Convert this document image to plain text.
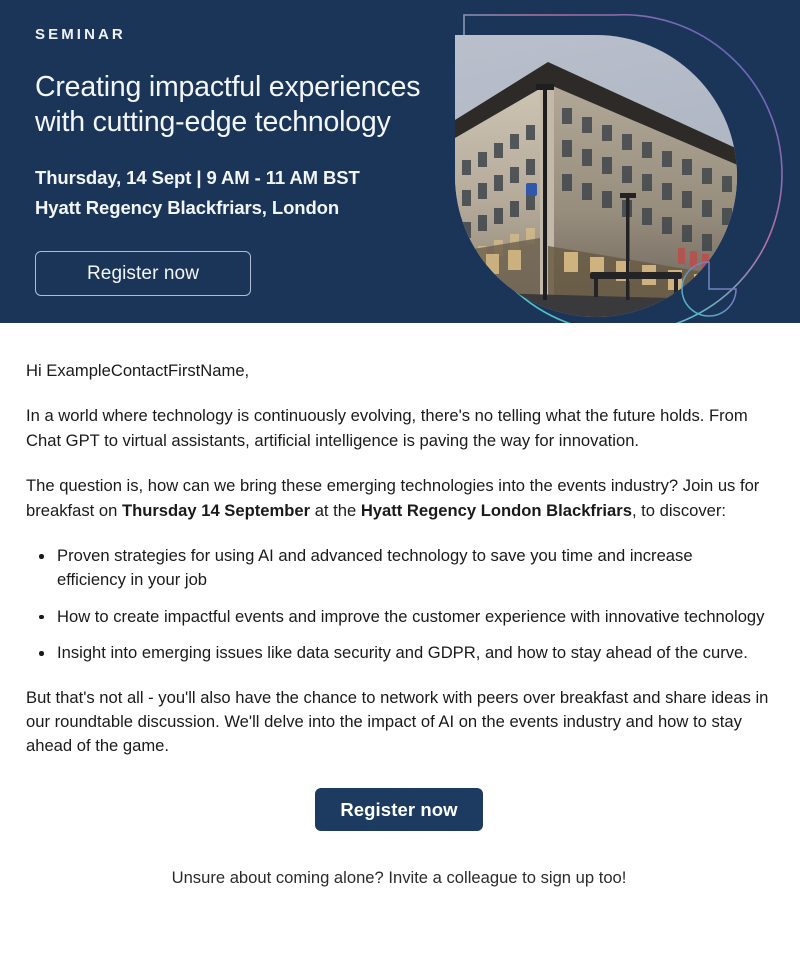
SEMINAR
Creating impactful experiences
with cutting-edge technology
Thursday, 14 Sept | 9 AM - 11 AM BST
Hyatt Regency Blackfriars, London
Register now

Hi ExampleContactFirstName,

In a world where technology is continuously evolving, there's no telling what the future holds. From Chat GPT to virtual assistants, artificial intelligence is paving the way for innovation.

The question is, how can we bring these emerging technologies into the events industry? Join us for breakfast on Thursday 14 September at the Hyatt Regency London Blackfriars, to discover:

Proven strategies for using AI and advanced technology to save you time and increase efficiency in your job
How to create impactful events and improve the customer experience with innovative technology
Insight into emerging issues like data security and GDPR, and how to stay ahead of the curve.

But that's not all - you'll also have the chance to network with peers over breakfast and share ideas in our roundtable discussion. We'll delve into the impact of AI on the events industry and how to stay ahead of the game.

Register now
Unsure about coming alone? Invite a colleague to sign up too!
